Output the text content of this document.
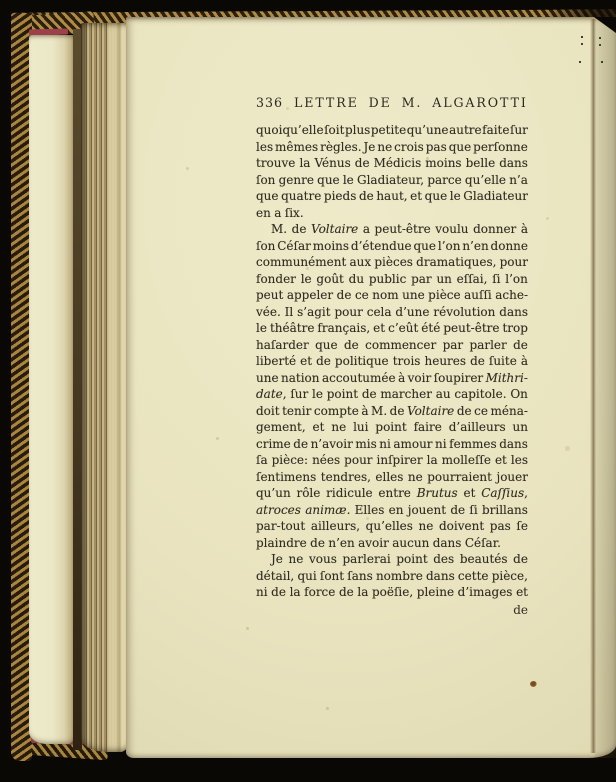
336 LETTRE DE M. ALGAROTTI
quoiqu’elle ſoit plus petite qu’une autre faite ſur
les mêmes règles. Je ne crois pas que perſonne
trouve la Vénus de Médicis moins belle dans
ſon genre que le Gladiateur, parce qu’elle n’a
que quatre pieds de haut, et que le Gladiateur
en a ſix.
M. de Voltaire a peut-être voulu donner à
ſon Céſar moins d’étendue que l’on n’en donne
communément aux pièces dramatiques, pour
fonder le goût du public par un eſſai, ſi l’on
peut appeler de ce nom une pièce auſſi ache-
vée. Il s’agit pour cela d’une révolution dans
le théâtre français, et c’eût été peut-être trop
haſarder que de commencer par parler de
liberté et de politique trois heures de ſuite à
une nation accoutumée à voir ſoupirer Mithri-
date, ſur le point de marcher au capitole. On
doit tenir compte à M. de Voltaire de ce ména-
gement, et ne lui point faire d’ailleurs un
crime de n’avoir mis ni amour ni femmes dans
ſa pièce: nées pour inſpirer la molleſſe et les
ſentimens tendres, elles ne pourraient jouer
qu’un rôle ridicule entre Brutus et Caſſius,
atroces animæ. Elles en jouent de ſi brillans
par-tout ailleurs, qu’elles ne doivent pas ſe
plaindre de n’en avoir aucun dans Céſar.
Je ne vous parlerai point des beautés de
détail, qui ſont ſans nombre dans cette pièce,
ni de la force de la poëſie, pleine d’images et
de
